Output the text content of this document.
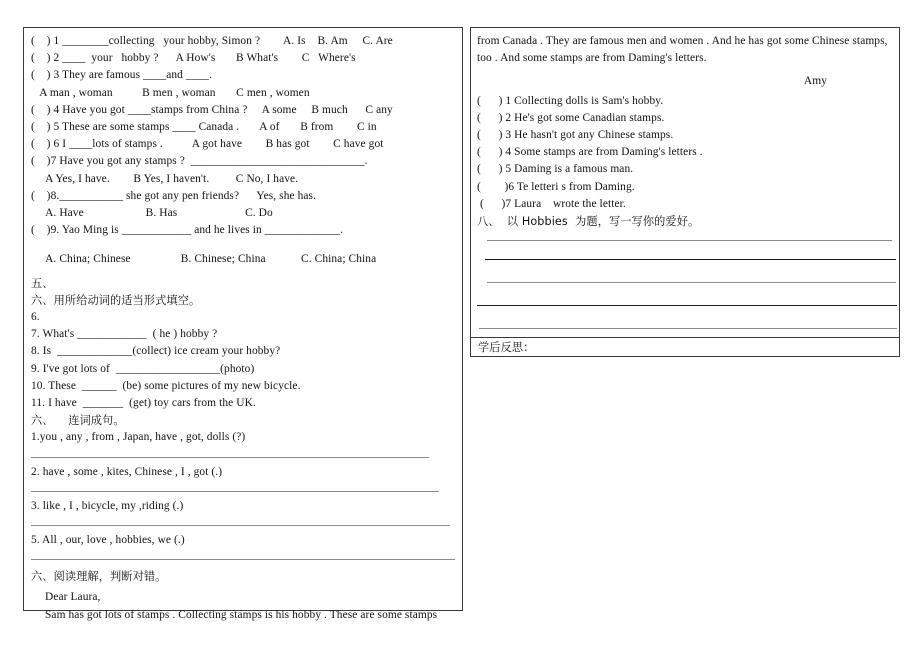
(    ) 1 ________collecting   your hobby, Simon ?        A. Is    B. Am     C. Are
(    ) 2 ____  your   hobby ?      A How's       B What's        C   Where's
(    ) 3 They are famous ____and ____.
A man , woman          B men , woman       C men , women
(    ) 4 Have you got ____stamps from China ?     A some     B much      C any
(    ) 5 These are some stamps ____ Canada .       A of       B from        C in
(    ) 6 I ____lots of stamps .          A got have        B has got        C have got
(    )7 Have you got any stamps ?  ______________________________.
A Yes, I have.        B Yes, I haven't.         C No, I have.
(    )8.___________ she got any pen friends?      Yes, she has.
A. Have                     B. Has                       C. Do
(    )9. Yao Ming is ____________ and he lives in _____________.
A. China; Chinese                 B. Chinese; China            C. China; China
五、
六、用所给动词的适当形式填空。
6.
7. What's ____________  ( he ) hobby ?
8. Is  _____________(collect) ice cream your hobby?
9. I've got lots of  __________________(photo)
10. These  ______  (be) some pictures of my new bicycle.
11. I have  _______  (get) toy cars from the UK.
六、    连词成句。
1.you , any , from , Japan, have , got, dolls (?)
2. have , some , kites, Chinese , I , got (.)
3. like , I , bicycle, my ,riding (.)
5. All , our, love , hobbies, we (.)
六、阅读理解，判断对错。
Dear Laura,
Sam has got lots of stamps . Collecting stamps is his hobby . These are some stamps
from Canada . They are famous men and women . And he has got some Chinese stamps,
too . And some stamps are from Daming's letters.
Amy
(      ) 1 Collecting dolls is Sam's hobby.
(      ) 2 He's got some Canadian stamps.
(      ) 3 He hasn't got any Chinese stamps.
(      ) 4 Some stamps are from Daming's letters .
(      ) 5 Daming is a famous man.
(        )6 Te letteri s from Daming.
(      )7 Laura    wrote the letter.
八、  以 Hobbies  为题，写一写你的爱好。
学后反思：
